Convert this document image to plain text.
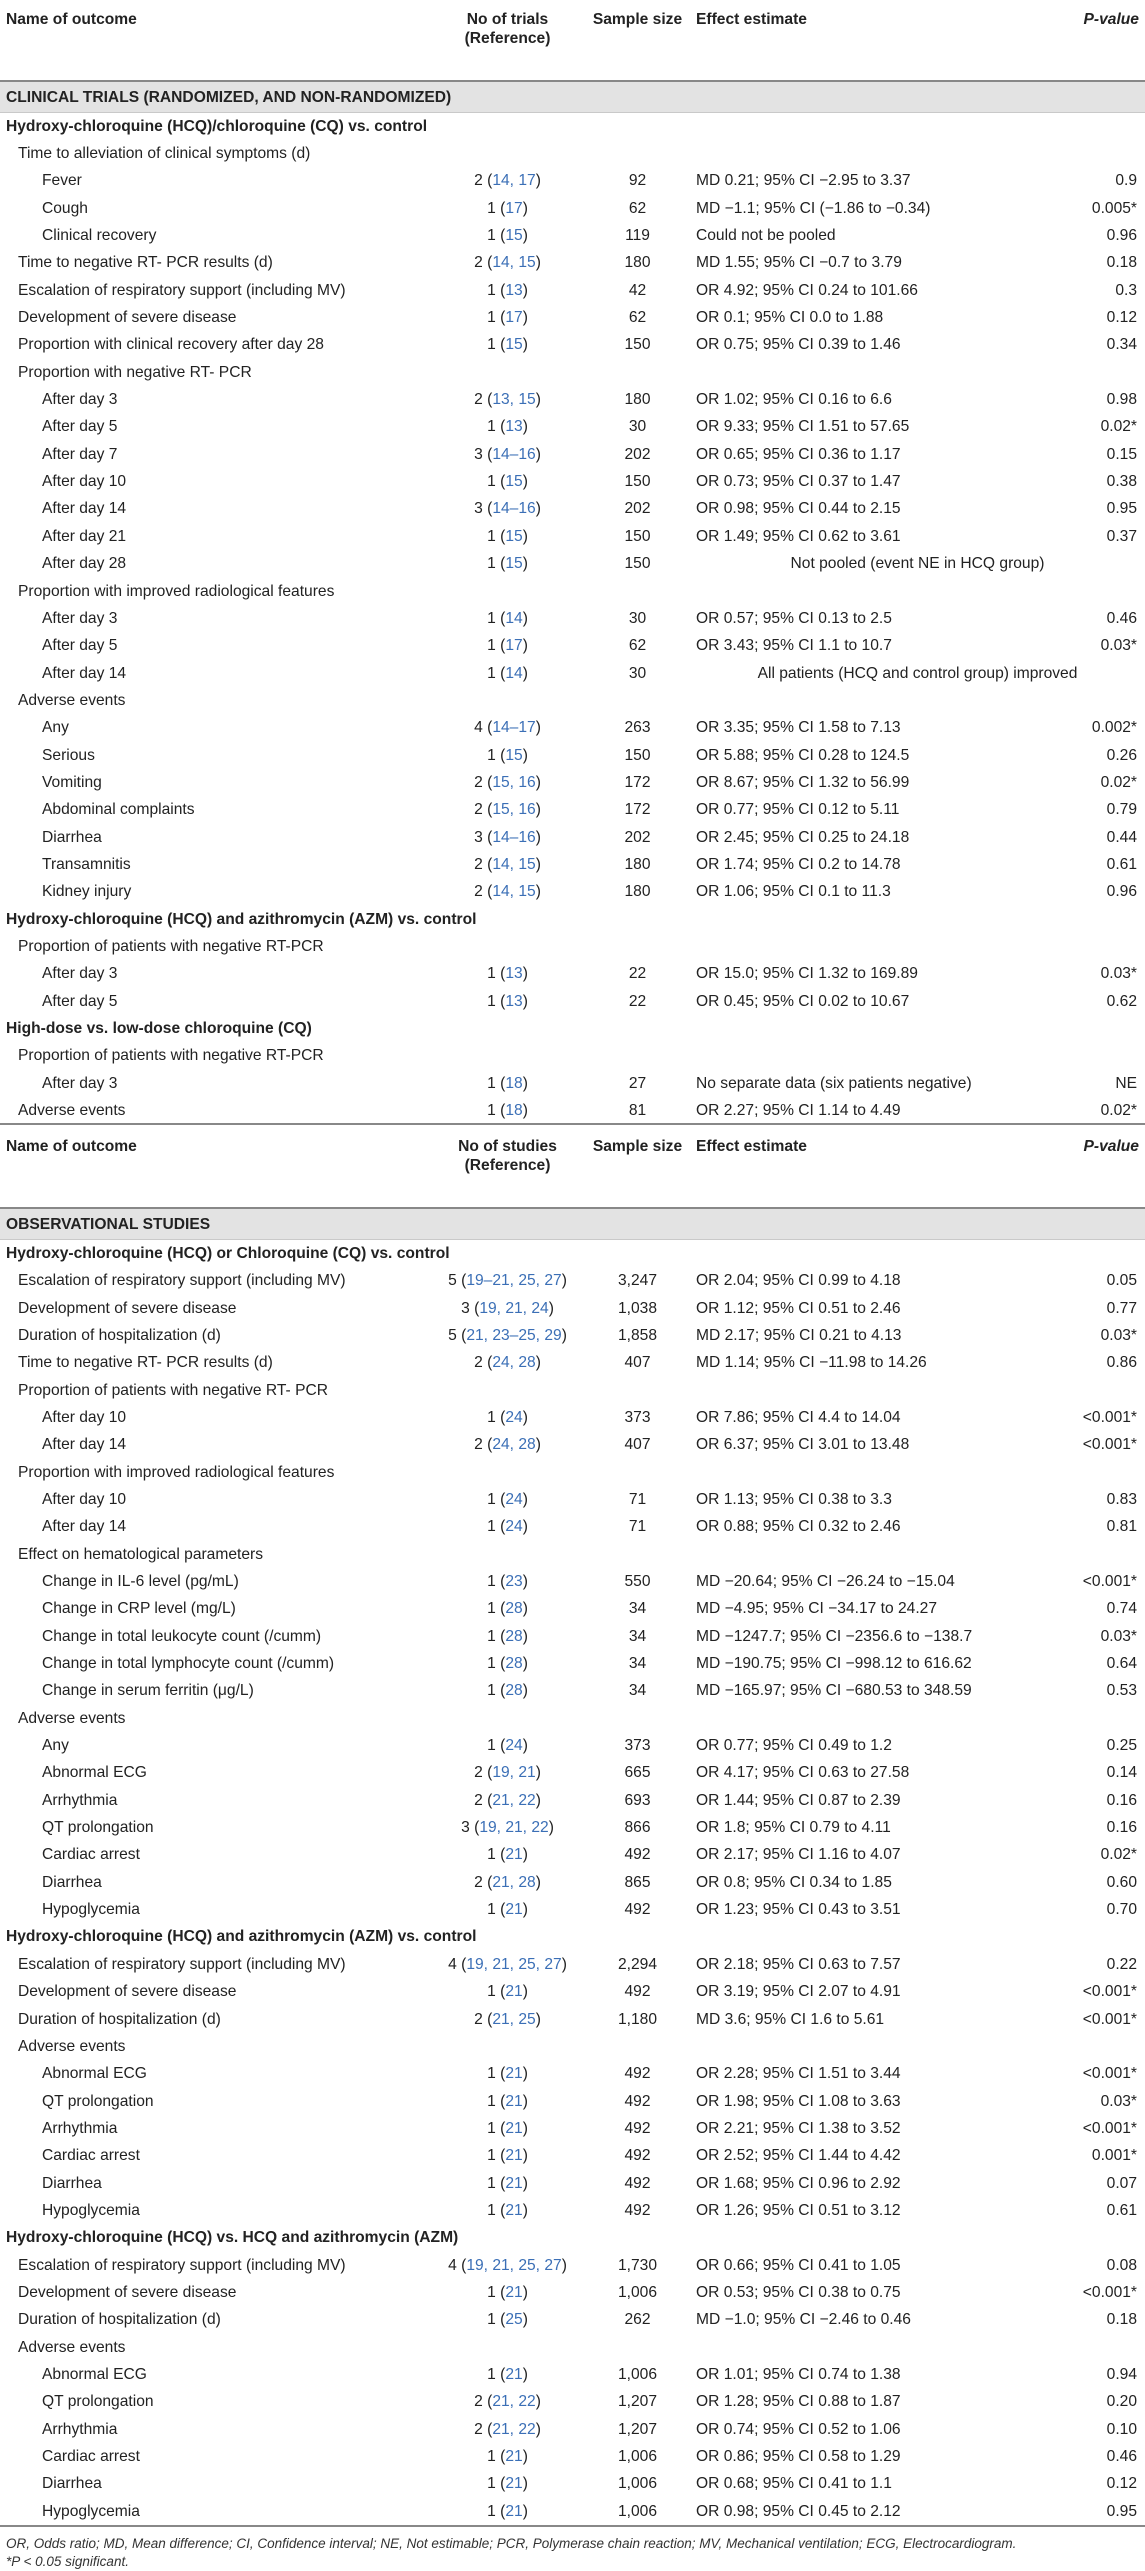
Name of outcome	No of trials (Reference)	Sample size	Effect estimate	P-value
CLINICAL TRIALS (RANDOMIZED, AND NON-RANDOMIZED)				
Hydroxy-chloroquine (HCQ)/chloroquine (CQ) vs. control				
Time to alleviation of clinical symptoms (d)				
Fever	2 (14, 17)	92	MD 0.21; 95% CI −2.95 to 3.37	0.9
Cough	1 (17)	62	MD −1.1; 95% CI (−1.86 to −0.34)	0.005*
Clinical recovery	1 (15)	119	Could not be pooled	0.96
Time to negative RT- PCR results (d)	2 (14, 15)	180	MD 1.55; 95% CI −0.7 to 3.79	0.18
Escalation of respiratory support (including MV)	1 (13)	42	OR 4.92; 95% CI 0.24 to 101.66	0.3
Development of severe disease	1 (17)	62	OR 0.1; 95% CI 0.0 to 1.88	0.12
Proportion with clinical recovery after day 28	1 (15)	150	OR 0.75; 95% CI 0.39 to 1.46	0.34
Proportion with negative RT- PCR				
After day 3	2 (13, 15)	180	OR 1.02; 95% CI 0.16 to 6.6	0.98
After day 5	1 (13)	30	OR 9.33; 95% CI 1.51 to 57.65	0.02*
After day 7	3 (14–16)	202	OR 0.65; 95% CI 0.36 to 1.17	0.15
After day 10	1 (15)	150	OR 0.73; 95% CI 0.37 to 1.47	0.38
After day 14	3 (14–16)	202	OR 0.98; 95% CI 0.44 to 2.15	0.95
After day 21	1 (15)	150	OR 1.49; 95% CI 0.62 to 3.61	0.37
After day 28	1 (15)	150	Not pooled (event NE in HCQ group)	
Proportion with improved radiological features				
After day 3	1 (14)	30	OR 0.57; 95% CI 0.13 to 2.5	0.46
After day 5	1 (17)	62	OR 3.43; 95% CI 1.1 to 10.7	0.03*
After day 14	1 (14)	30	All patients (HCQ and control group) improved	
Adverse events				
Any	4 (14–17)	263	OR 3.35; 95% CI 1.58 to 7.13	0.002*
Serious	1 (15)	150	OR 5.88; 95% CI 0.28 to 124.5	0.26
Vomiting	2 (15, 16)	172	OR 8.67; 95% CI 1.32 to 56.99	0.02*
Abdominal complaints	2 (15, 16)	172	OR 0.77; 95% CI 0.12 to 5.11	0.79
Diarrhea	3 (14–16)	202	OR 2.45; 95% CI 0.25 to 24.18	0.44
Transamnitis	2 (14, 15)	180	OR 1.74; 95% CI 0.2 to 14.78	0.61
Kidney injury	2 (14, 15)	180	OR 1.06; 95% CI 0.1 to 11.3	0.96
Hydroxy-chloroquine (HCQ) and azithromycin (AZM) vs. control				
Proportion of patients with negative RT-PCR				
After day 3	1 (13)	22	OR 15.0; 95% CI 1.32 to 169.89	0.03*
After day 5	1 (13)	22	OR 0.45; 95% CI 0.02 to 10.67	0.62
High-dose vs. low-dose chloroquine (CQ)				
Proportion of patients with negative RT-PCR				
After day 3	1 (18)	27	No separate data (six patients negative)	NE
Adverse events	1 (18)	81	OR 2.27; 95% CI 1.14 to 4.49	0.02*
Name of outcome	No of studies (Reference)	Sample size	Effect estimate	P-value
OBSERVATIONAL STUDIES				
Hydroxy-chloroquine (HCQ) or Chloroquine (CQ) vs. control				
Escalation of respiratory support (including MV)	5 (19–21, 25, 27)	3,247	OR 2.04; 95% CI 0.99 to 4.18	0.05
Development of severe disease	3 (19, 21, 24)	1,038	OR 1.12; 95% CI 0.51 to 2.46	0.77
Duration of hospitalization (d)	5 (21, 23–25, 29)	1,858	MD 2.17; 95% CI 0.21 to 4.13	0.03*
Time to negative RT- PCR results (d)	2 (24, 28)	407	MD 1.14; 95% CI −11.98 to 14.26	0.86
Proportion of patients with negative RT- PCR				
After day 10	1 (24)	373	OR 7.86; 95% CI 4.4 to 14.04	<0.001*
After day 14	2 (24, 28)	407	OR 6.37; 95% CI 3.01 to 13.48	<0.001*
Proportion with improved radiological features				
After day 10	1 (24)	71	OR 1.13; 95% CI 0.38 to 3.3	0.83
After day 14	1 (24)	71	OR 0.88; 95% CI 0.32 to 2.46	0.81
Effect on hematological parameters				
Change in IL-6 level (pg/mL)	1 (23)	550	MD −20.64; 95% CI −26.24 to −15.04	<0.001*
Change in CRP level (mg/L)	1 (28)	34	MD −4.95; 95% CI −34.17 to 24.27	0.74
Change in total leukocyte count (/cumm)	1 (28)	34	MD −1247.7; 95% CI −2356.6 to −138.7	0.03*
Change in total lymphocyte count (/cumm)	1 (28)	34	MD −190.75; 95% CI −998.12 to 616.62	0.64
Change in serum ferritin (μg/L)	1 (28)	34	MD −165.97; 95% CI −680.53 to 348.59	0.53
Adverse events				
Any	1 (24)	373	OR 0.77; 95% CI 0.49 to 1.2	0.25
Abnormal ECG	2 (19, 21)	665	OR 4.17; 95% CI 0.63 to 27.58	0.14
Arrhythmia	2 (21, 22)	693	OR 1.44; 95% CI 0.87 to 2.39	0.16
QT prolongation	3 (19, 21, 22)	866	OR 1.8; 95% CI 0.79 to 4.11	0.16
Cardiac arrest	1 (21)	492	OR 2.17; 95% CI 1.16 to 4.07	0.02*
Diarrhea	2 (21, 28)	865	OR 0.8; 95% CI 0.34 to 1.85	0.60
Hypoglycemia	1 (21)	492	OR 1.23; 95% CI 0.43 to 3.51	0.70
Hydroxy-chloroquine (HCQ) and azithromycin (AZM) vs. control				
Escalation of respiratory support (including MV)	4 (19, 21, 25, 27)	2,294	OR 2.18; 95% CI 0.63 to 7.57	0.22
Development of severe disease	1 (21)	492	OR 3.19; 95% CI 2.07 to 4.91	<0.001*
Duration of hospitalization (d)	2 (21, 25)	1,180	MD 3.6; 95% CI 1.6 to 5.61	<0.001*
Adverse events				
Abnormal ECG	1 (21)	492	OR 2.28; 95% CI 1.51 to 3.44	<0.001*
QT prolongation	1 (21)	492	OR 1.98; 95% CI 1.08 to 3.63	0.03*
Arrhythmia	1 (21)	492	OR 2.21; 95% CI 1.38 to 3.52	<0.001*
Cardiac arrest	1 (21)	492	OR 2.52; 95% CI 1.44 to 4.42	0.001*
Diarrhea	1 (21)	492	OR 1.68; 95% CI 0.96 to 2.92	0.07
Hypoglycemia	1 (21)	492	OR 1.26; 95% CI 0.51 to 3.12	0.61
Hydroxy-chloroquine (HCQ) vs. HCQ and azithromycin (AZM)				
Escalation of respiratory support (including MV)	4 (19, 21, 25, 27)	1,730	OR 0.66; 95% CI 0.41 to 1.05	0.08
Development of severe disease	1 (21)	1,006	OR 0.53; 95% CI 0.38 to 0.75	<0.001*
Duration of hospitalization (d)	1 (25)	262	MD −1.0; 95% CI −2.46 to 0.46	0.18
Adverse events				
Abnormal ECG	1 (21)	1,006	OR 1.01; 95% CI 0.74 to 1.38	0.94
QT prolongation	2 (21, 22)	1,207	OR 1.28; 95% CI 0.88 to 1.87	0.20
Arrhythmia	2 (21, 22)	1,207	OR 0.74; 95% CI 0.52 to 1.06	0.10
Cardiac arrest	1 (21)	1,006	OR 0.86; 95% CI 0.58 to 1.29	0.46
Diarrhea	1 (21)	1,006	OR 0.68; 95% CI 0.41 to 1.1	0.12
Hypoglycemia	1 (21)	1,006	OR 0.98; 95% CI 0.45 to 2.12	0.95
OR, Odds ratio; MD, Mean difference; CI, Confidence interval; NE, Not estimable; PCR, Polymerase chain reaction; MV, Mechanical ventilation; ECG, Electrocardiogram.
*P < 0.05 significant.
